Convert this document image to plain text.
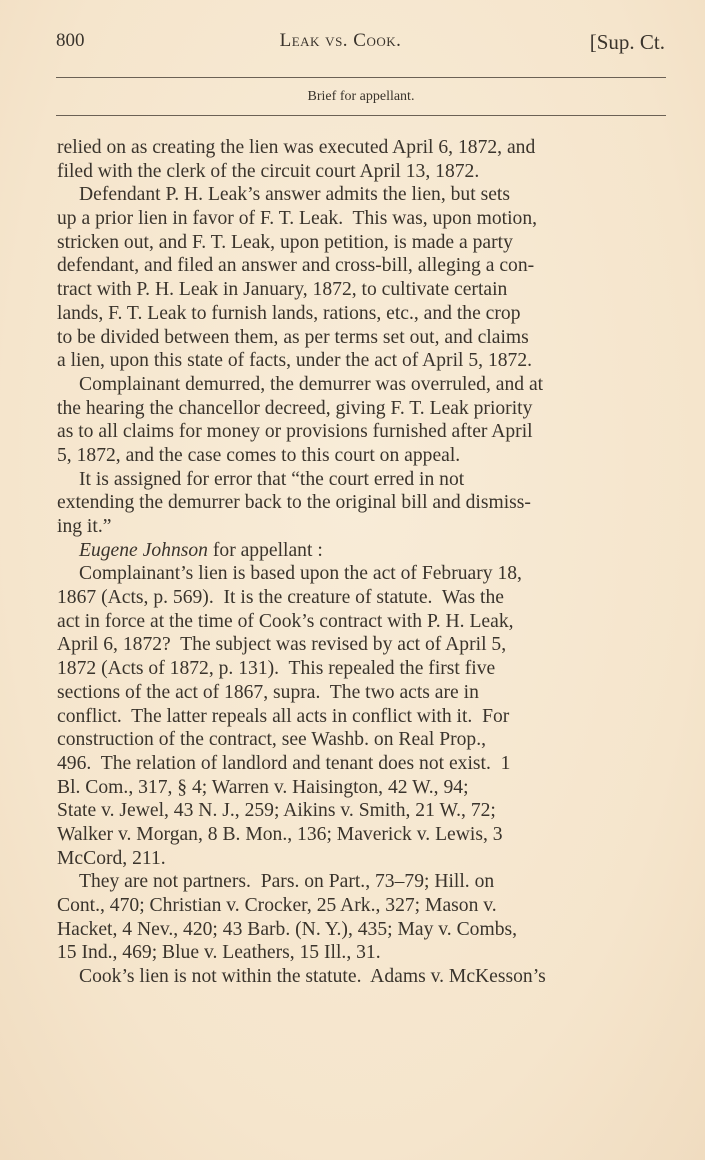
800	Leak vs. Cook.	[Sup. Ct.
Brief for appellant.
relied on as creating the lien was executed April 6, 1872, and
filed with the clerk of the circuit court April 13, 1872.
Defendant P. H. Leak’s answer admits the lien, but sets
up a prior lien in favor of F. T. Leak.  This was, upon motion,
stricken out, and F. T. Leak, upon petition, is made a party
defendant, and filed an answer and cross-bill, alleging a con-
tract with P. H. Leak in January, 1872, to cultivate certain
lands, F. T. Leak to furnish lands, rations, etc., and the crop
to be divided between them, as per terms set out, and claims
a lien, upon this state of facts, under the act of April 5, 1872.
Complainant demurred, the demurrer was overruled, and at
the hearing the chancellor decreed, giving F. T. Leak priority
as to all claims for money or provisions furnished after April
5, 1872, and the case comes to this court on appeal.
It is assigned for error that “the court erred in not
extending the demurrer back to the original bill and dismiss-
ing it.”
Eugene Johnson for appellant :
Complainant’s lien is based upon the act of February 18,
1867 (Acts, p. 569).  It is the creature of statute.  Was the
act in force at the time of Cook’s contract with P. H. Leak,
April 6, 1872?  The subject was revised by act of April 5,
1872 (Acts of 1872, p. 131).  This repealed the first five
sections of the act of 1867, supra.  The two acts are in
conflict.  The latter repeals all acts in conflict with it.  For
construction of the contract, see Washb. on Real Prop.,
496.  The relation of landlord and tenant does not exist.  1
Bl. Com., 317, § 4; Warren v. Haisington, 42 W., 94;
State v. Jewel, 43 N. J., 259; Aikins v. Smith, 21 W., 72;
Walker v. Morgan, 8 B. Mon., 136; Maverick v. Lewis, 3
McCord, 211.
They are not partners.  Pars. on Part., 73–79; Hill. on
Cont., 470; Christian v. Crocker, 25 Ark., 327; Mason v.
Hacket, 4 Nev., 420; 43 Barb. (N. Y.), 435; May v. Combs,
15 Ind., 469; Blue v. Leathers, 15 Ill., 31.
Cook’s lien is not within the statute.  Adams v. McKesson’s
